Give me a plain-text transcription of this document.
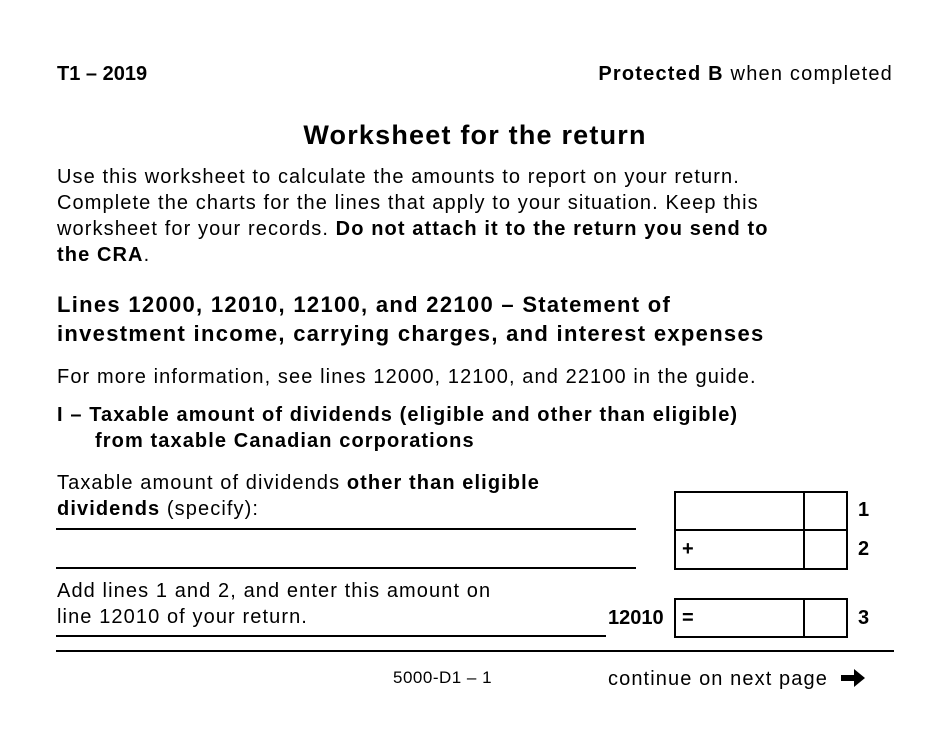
T1 – 2019	Protected B when completed
Worksheet for the return
Use this worksheet to calculate the amounts to report on your return.
Complete the charts for the lines that apply to your situation. Keep this
worksheet for your records. Do not attach it to the return you send to
the CRA.
Lines 12000, 12010, 12100, and 22100 – Statement of
investment income, carrying charges, and interest expenses
For more information, see lines 12000, 12100, and 22100 in the guide.
I – Taxable amount of dividends (eligible and other than eligible)
from taxable Canadian corporations
Taxable amount of dividends other than eligible
dividends (specify):	1
+	2
Add lines 1 and 2, and enter this amount on
line 12010 of your return.	12010 =	3
5000-D1 – 1	continue on next page
